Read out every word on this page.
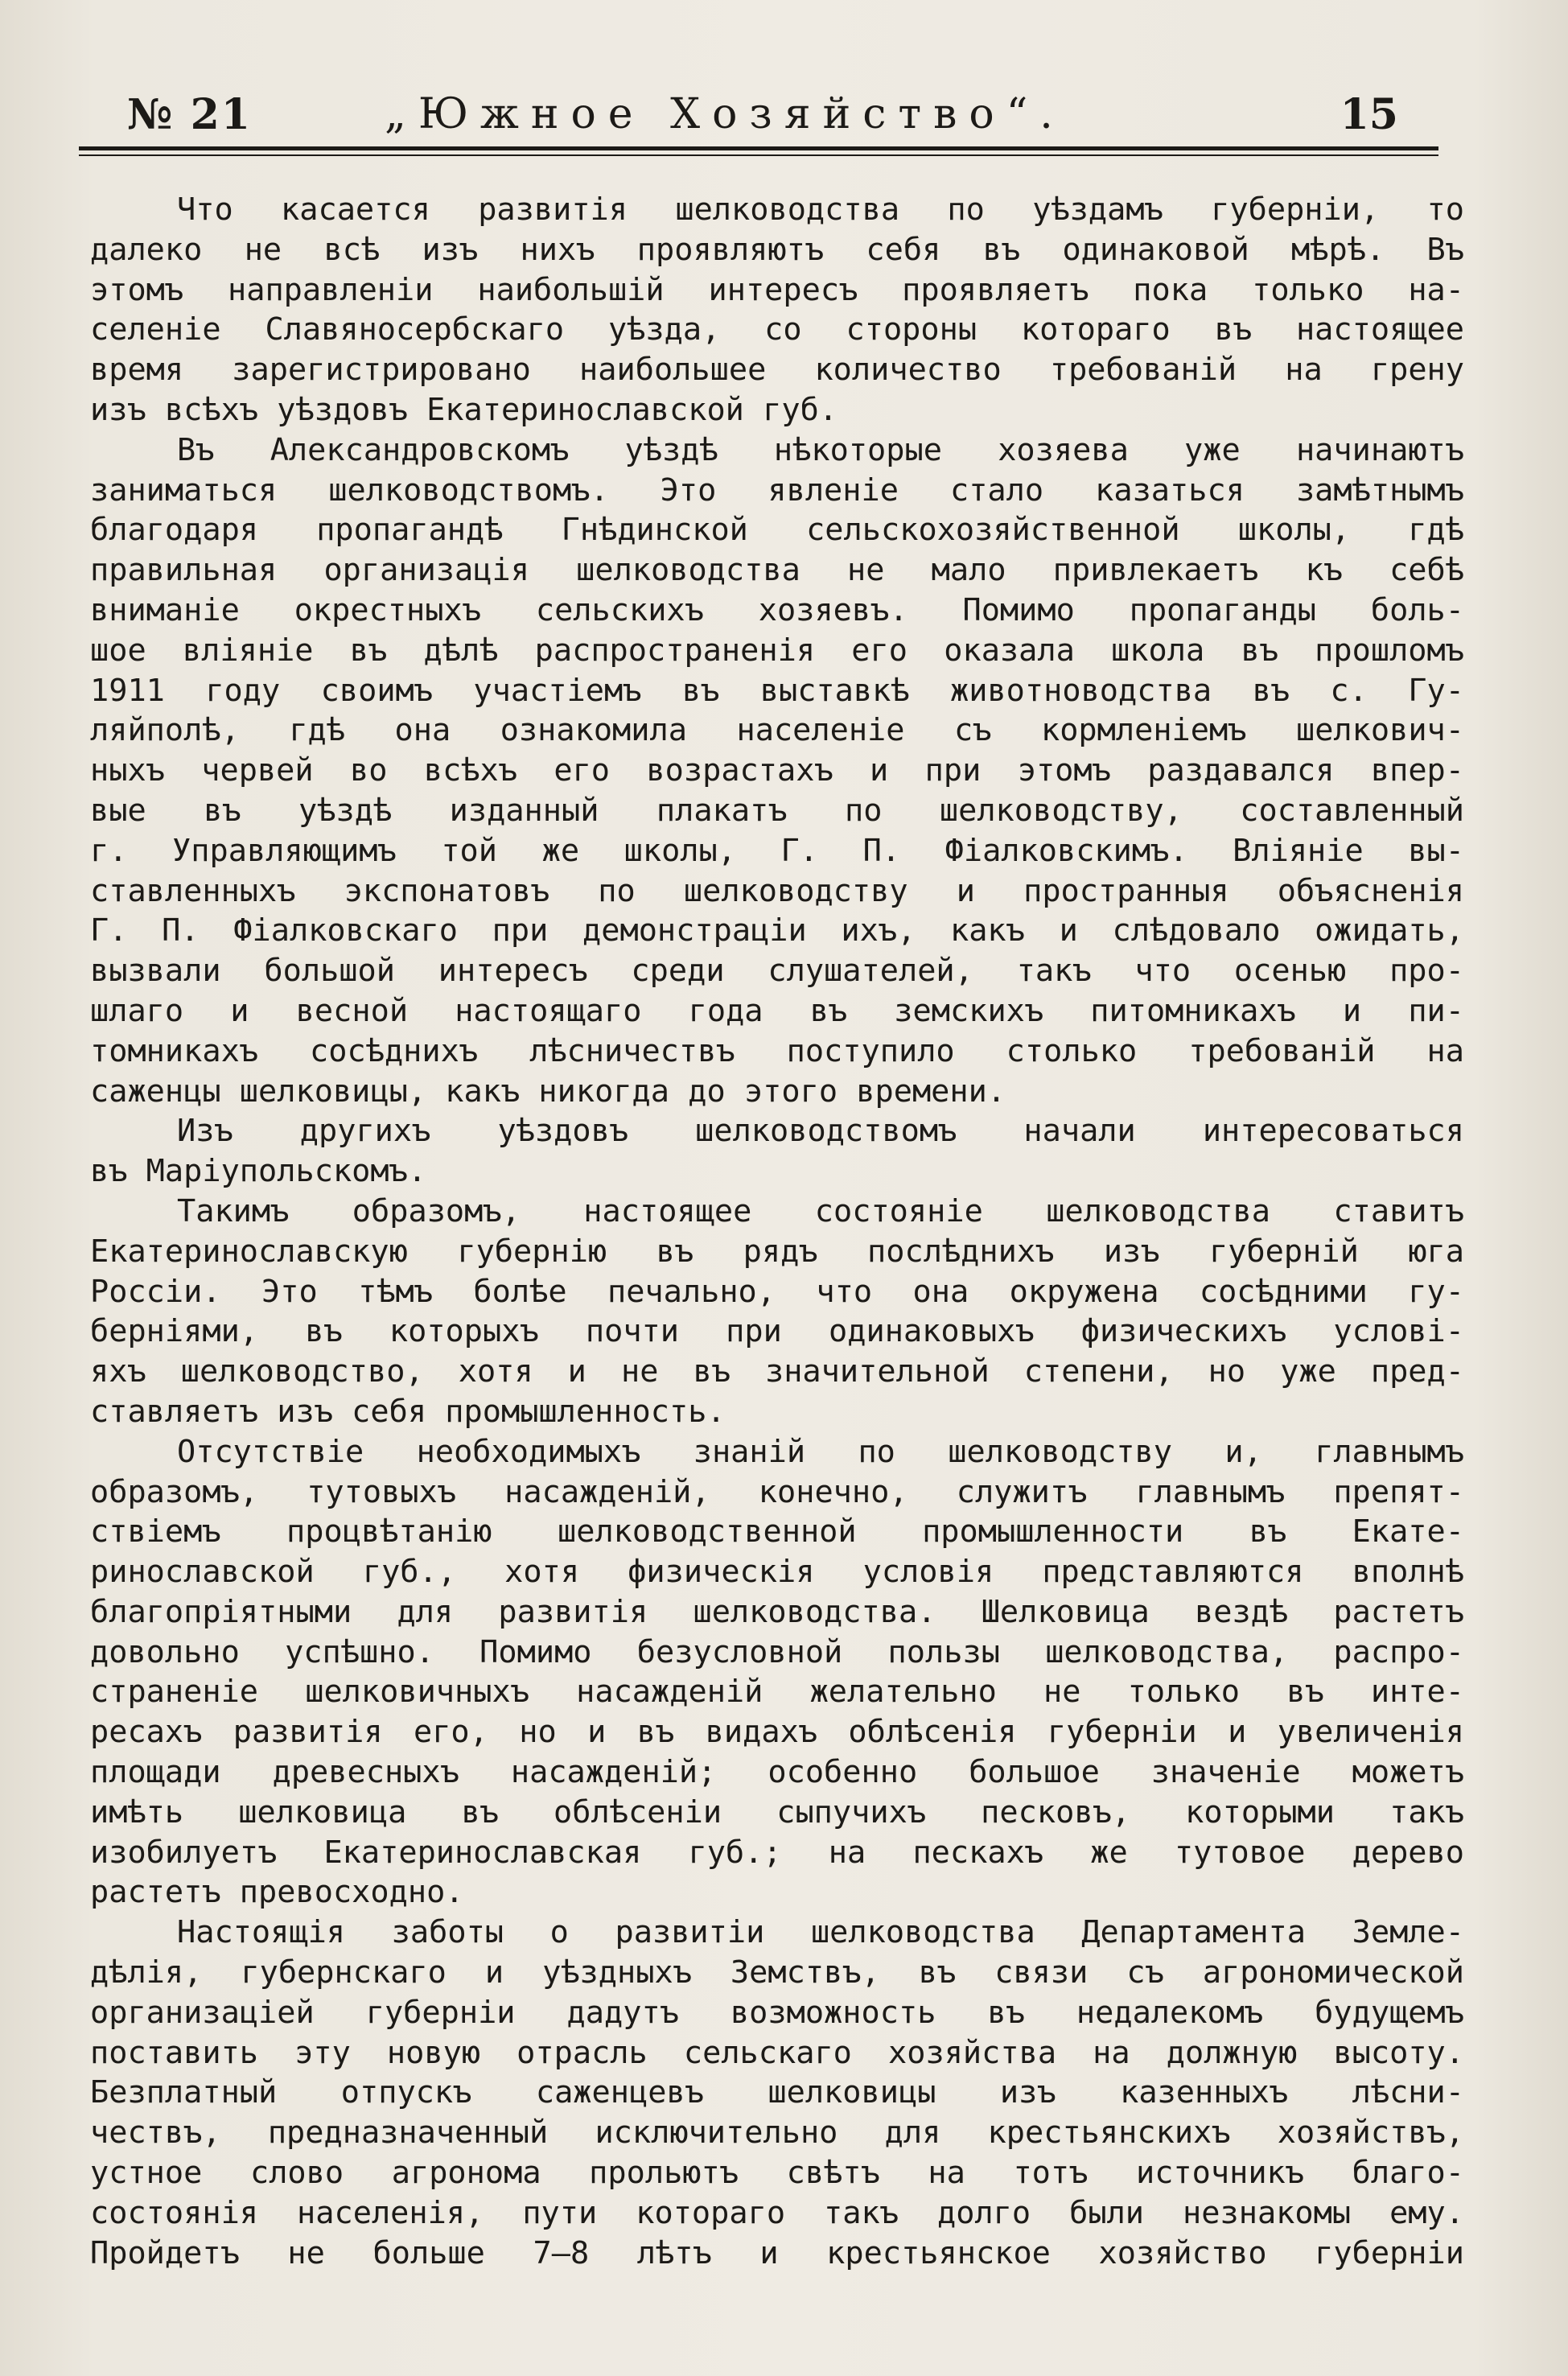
№ 21	„Южное Хозяйство“.	15
Что касается развитія шелководства по уѣздамъ губерніи, то
далеко не всѣ изъ нихъ проявляютъ себя въ одинаковой мѣрѣ. Въ
этомъ направленіи наибольшій интересъ проявляетъ пока только на-
селеніе Славяносербскаго уѣзда, со стороны котораго въ настоящее
время зарегистрировано наибольшее количество требованій на грену
изъ всѣхъ уѣздовъ Екатеринославской губ.
Въ Александровскомъ уѣздѣ нѣкоторые хозяева уже начинаютъ
заниматься шелководствомъ. Это явленіе стало казаться замѣтнымъ
благодаря пропагандѣ Гнѣдинской сельскохозяйственной школы, гдѣ
правильная организація шелководства не мало привлекаетъ къ себѣ
вниманіе окрестныхъ сельскихъ хозяевъ. Помимо пропаганды боль-
шое вліяніе въ дѣлѣ распространенія его оказала школа въ прошломъ
1911 году своимъ участіемъ въ выставкѣ животноводства въ с. Гу-
ляйполѣ, гдѣ она ознакомила населеніе съ кормленіемъ шелкович-
ныхъ червей во всѣхъ его возрастахъ и при этомъ раздавался впер-
вые въ уѣздѣ изданный плакатъ по шелководству, составленный
г. Управляющимъ той же школы, Г. П. Фіалковскимъ. Вліяніе вы-
ставленныхъ экспонатовъ по шелководству и пространныя объясненія
Г. П. Фіалковскаго при демонстраціи ихъ, какъ и слѣдовало ожидать,
вызвали большой интересъ среди слушателей, такъ что осенью про-
шлаго и весной настоящаго года въ земскихъ питомникахъ и пи-
томникахъ сосѣднихъ лѣсничествъ поступило столько требованій на
саженцы шелковицы, какъ никогда до этого времени.
Изъ другихъ уѣздовъ шелководствомъ начали интересоваться
въ Маріупольскомъ.
Такимъ образомъ, настоящее состояніе шелководства ставитъ
Екатеринославскую губернію въ рядъ послѣднихъ изъ губерній юга
Россіи. Это тѣмъ болѣе печально, что она окружена сосѣдними гу-
берніями, въ которыхъ почти при одинаковыхъ физическихъ услові-
яхъ шелководство, хотя и не въ значительной степени, но уже пред-
ставляетъ изъ себя промышленность.
Отсутствіе необходимыхъ знаній по шелководству и, главнымъ
образомъ, тутовыхъ насажденій, конечно, служитъ главнымъ препят-
ствіемъ процвѣтанію шелководственной промышленности въ Екате-
ринославской губ., хотя физическія условія представляются вполнѣ
благопріятными для развитія шелководства. Шелковица вездѣ растетъ
довольно успѣшно. Помимо безусловной пользы шелководства, распро-
страненіе шелковичныхъ насажденій желательно не только въ инте-
ресахъ развитія его, но и въ видахъ облѣсенія губерніи и увеличенія
площади древесныхъ насажденій; особенно большое значеніе можетъ
имѣть шелковица въ облѣсеніи сыпучихъ песковъ, которыми такъ
изобилуетъ Екатеринославская губ.; на пескахъ же тутовое дерево
растетъ превосходно.
Настоящія заботы о развитіи шелководства Департамента Земле-
дѣлія, губернскаго и уѣздныхъ Земствъ, въ связи съ агрономической
организаціей губерніи дадутъ возможность въ недалекомъ будущемъ
поставить эту новую отрасль сельскаго хозяйства на должную высоту.
Безплатный отпускъ саженцевъ шелковицы изъ казенныхъ лѣсни-
чествъ, предназначенный исключительно для крестьянскихъ хозяйствъ,
устное слово агронома прольютъ свѣтъ на тотъ источникъ благо-
состоянія населенія, пути котораго такъ долго были незнакомы ему.
Пройдетъ не больше 7—8 лѣтъ и крестьянское хозяйство губерніи
